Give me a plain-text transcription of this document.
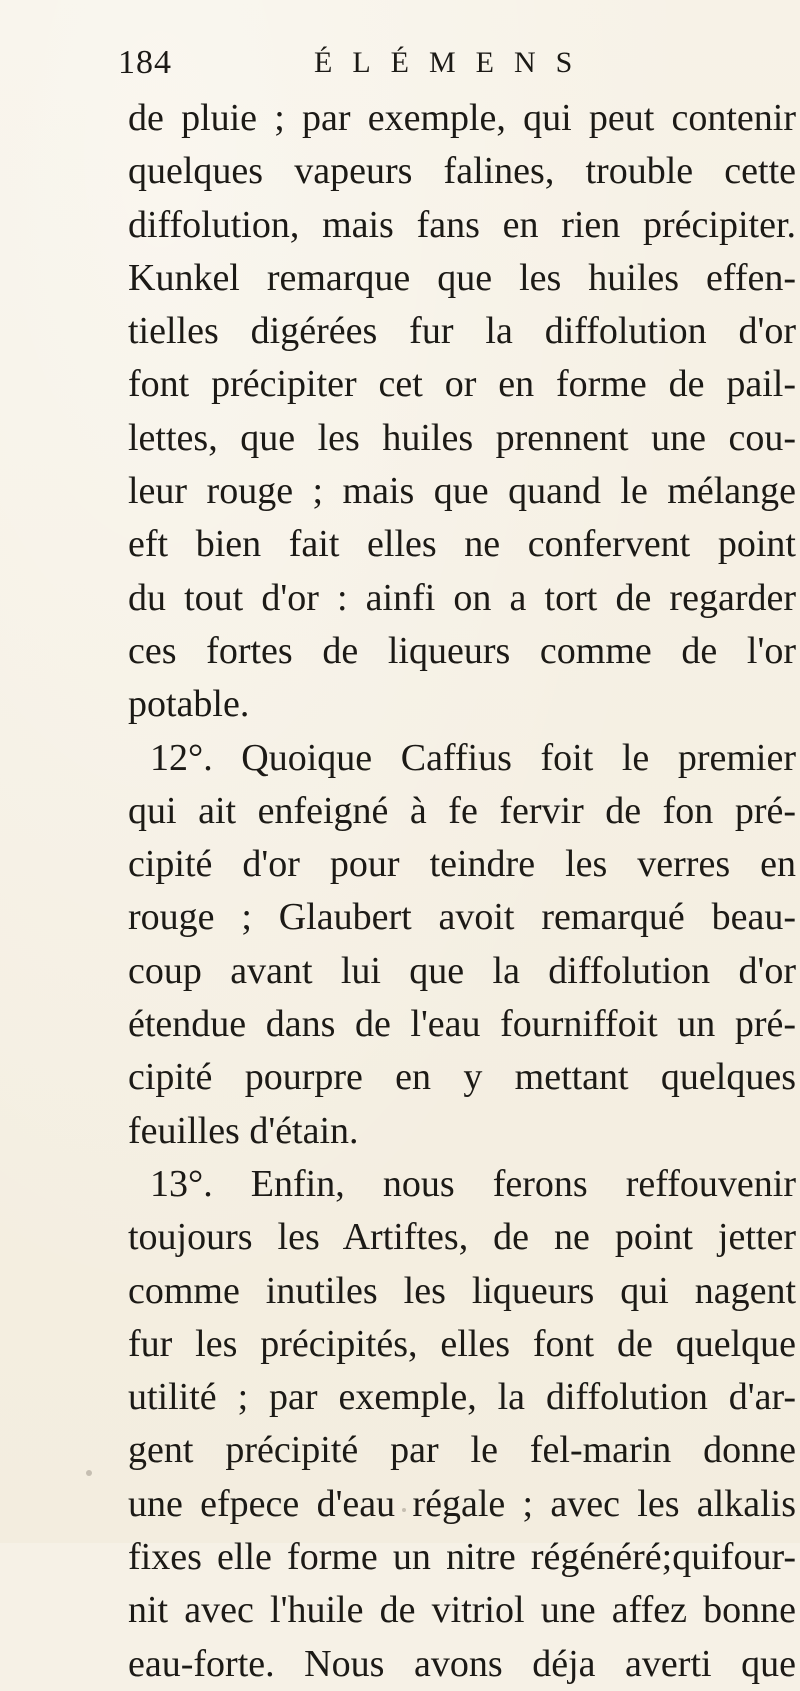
184	ÉLÉMENS
de pluie ; par exemple, qui peut contenir
quelques vapeurs falines, trouble cette
diffolution, mais fans en rien précipiter.
Kunkel remarque que les huiles effen-
tielles digérées fur la diffolution d'or
font précipiter cet or en forme de pail-
lettes, que les huiles prennent une cou-
leur rouge ; mais que quand le mélange
eft bien fait elles ne confervent point
du tout d'or : ainfi on a tort de regarder
ces fortes de liqueurs comme de l'or
potable.
12°. Quoique Caffius foit le premier
qui ait enfeigné à fe fervir de fon pré-
cipité d'or pour teindre les verres en
rouge ; Glaubert avoit remarqué beau-
coup avant lui que la diffolution d'or
étendue dans de l'eau fourniffoit un pré-
cipité pourpre en y mettant quelques
feuilles d'étain.
13°. Enfin, nous ferons reffouvenir
toujours les Artiftes, de ne point jetter
comme inutiles les liqueurs qui nagent
fur les précipités, elles font de quelque
utilité ; par exemple, la diffolution d'ar-
gent précipité par le fel-marin donne
une efpece d'eau régale ; avec les alkalis
fixes elle forme un nitre régénéré;quifour-
nit avec l'huile de vitriol une affez bonne
eau-forte. Nous avons déja averti que
